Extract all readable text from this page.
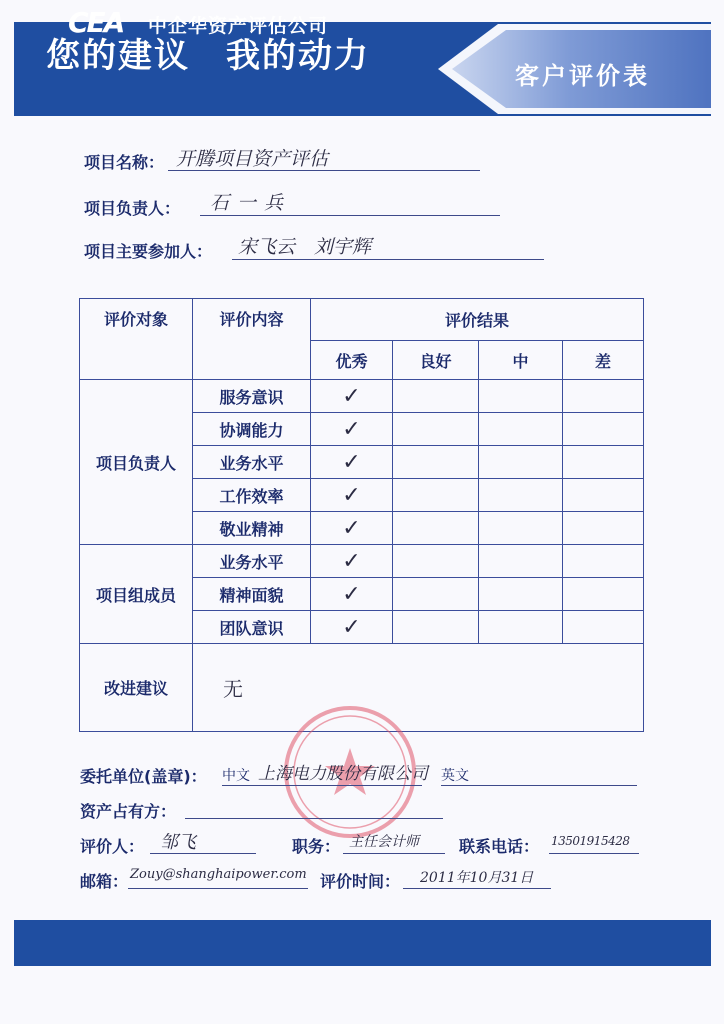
您的建议　我的动力	客户评价表
项目名称： 开腾项目资产评估
项目负责人： 石一兵
项目主要参加人： 宋飞云　刘宇辉
评价对象	评价内容	评价结果			
		优秀	良好	中	差
项目负责人	服务意识	✓			
	协调能力	✓			
	业务水平	✓			
	工作效率	✓			
	敬业精神	✓			
项目组成员	业务水平	✓			
	精神面貌	✓			
	团队意识	✓			
改进建议	无				
委托单位(盖章)： 中文 上海电力股份有限公司 英文
资产占有方：
评价人： 邹飞	职务： 主任会计师	联系电话： 13501915428
邮箱： Zouy@shanghaipower.com 评价时间： 2011年10月31日
CEA 中企华资产评估公司
